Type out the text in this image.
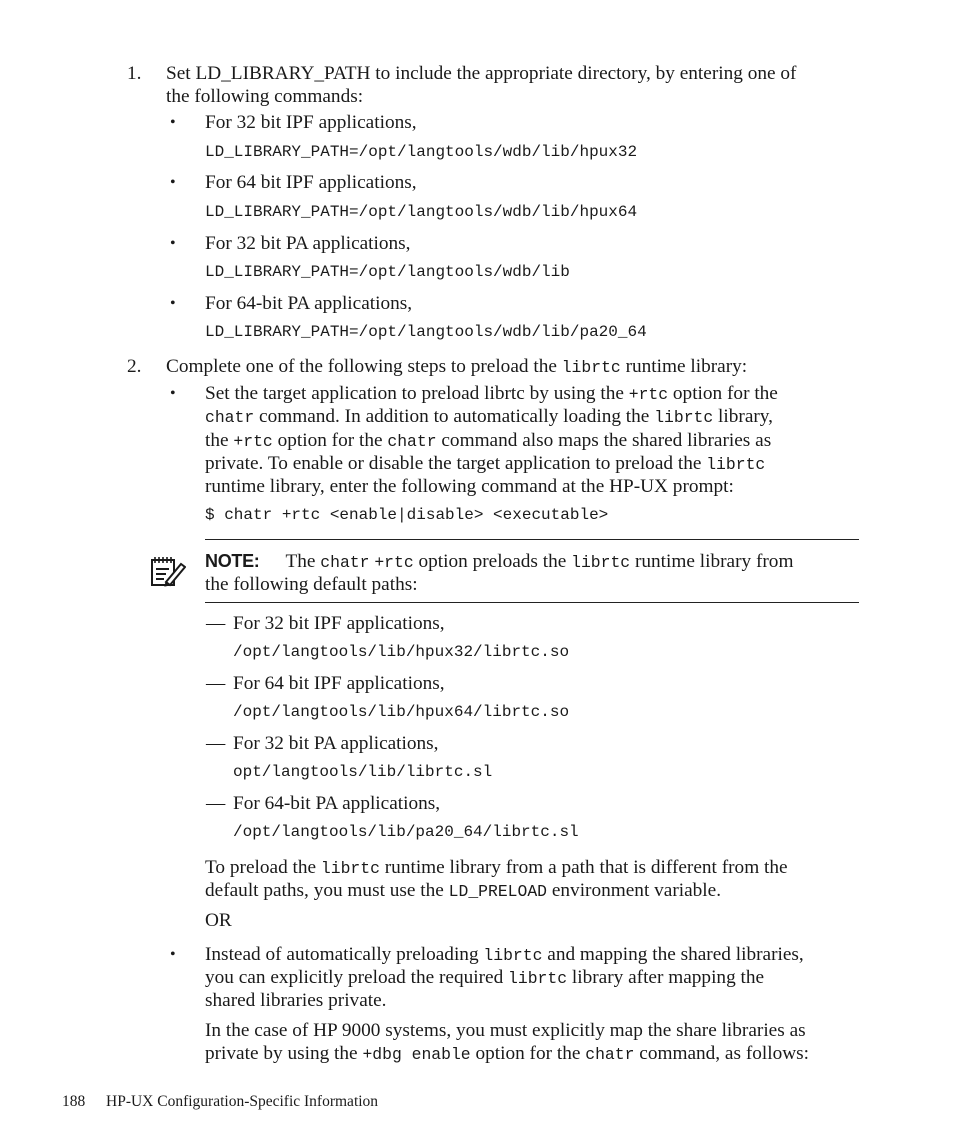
1. Set LD_LIBRARY_PATH to include the appropriate directory, by entering one of
the following commands:
• For 32 bit IPF applications,
LD_LIBRARY_PATH=/opt/langtools/wdb/lib/hpux32
• For 64 bit IPF applications,
LD_LIBRARY_PATH=/opt/langtools/wdb/lib/hpux64
• For 32 bit PA applications,
LD_LIBRARY_PATH=/opt/langtools/wdb/lib
• For 64-bit PA applications,
LD_LIBRARY_PATH=/opt/langtools/wdb/lib/pa20_64
2. Complete one of the following steps to preload the librtc runtime library:
• Set the target application to preload librtc by using the +rtc option for the
chatr command. In addition to automatically loading the librtc library,
the +rtc option for the chatr command also maps the shared libraries as
private. To enable or disable the target application to preload the librtc
runtime library, enter the following command at the HP-UX prompt:
$ chatr +rtc <enable|disable> <executable>
NOTE: The chatr +rtc option preloads the librtc runtime library from
the following default paths:
— For 32 bit IPF applications,
/opt/langtools/lib/hpux32/librtc.so
— For 64 bit IPF applications,
/opt/langtools/lib/hpux64/librtc.so
— For 32 bit PA applications,
opt/langtools/lib/librtc.sl
— For 64-bit PA applications,
/opt/langtools/lib/pa20_64/librtc.sl
To preload the librtc runtime library from a path that is different from the
default paths, you must use the LD_PRELOAD environment variable.
OR
• Instead of automatically preloading librtc and mapping the shared libraries,
you can explicitly preload the required librtc library after mapping the
shared libraries private.
In the case of HP 9000 systems, you must explicitly map the share libraries as
private by using the +dbg enable option for the chatr command, as follows:
188 HP-UX Configuration-Specific Information
